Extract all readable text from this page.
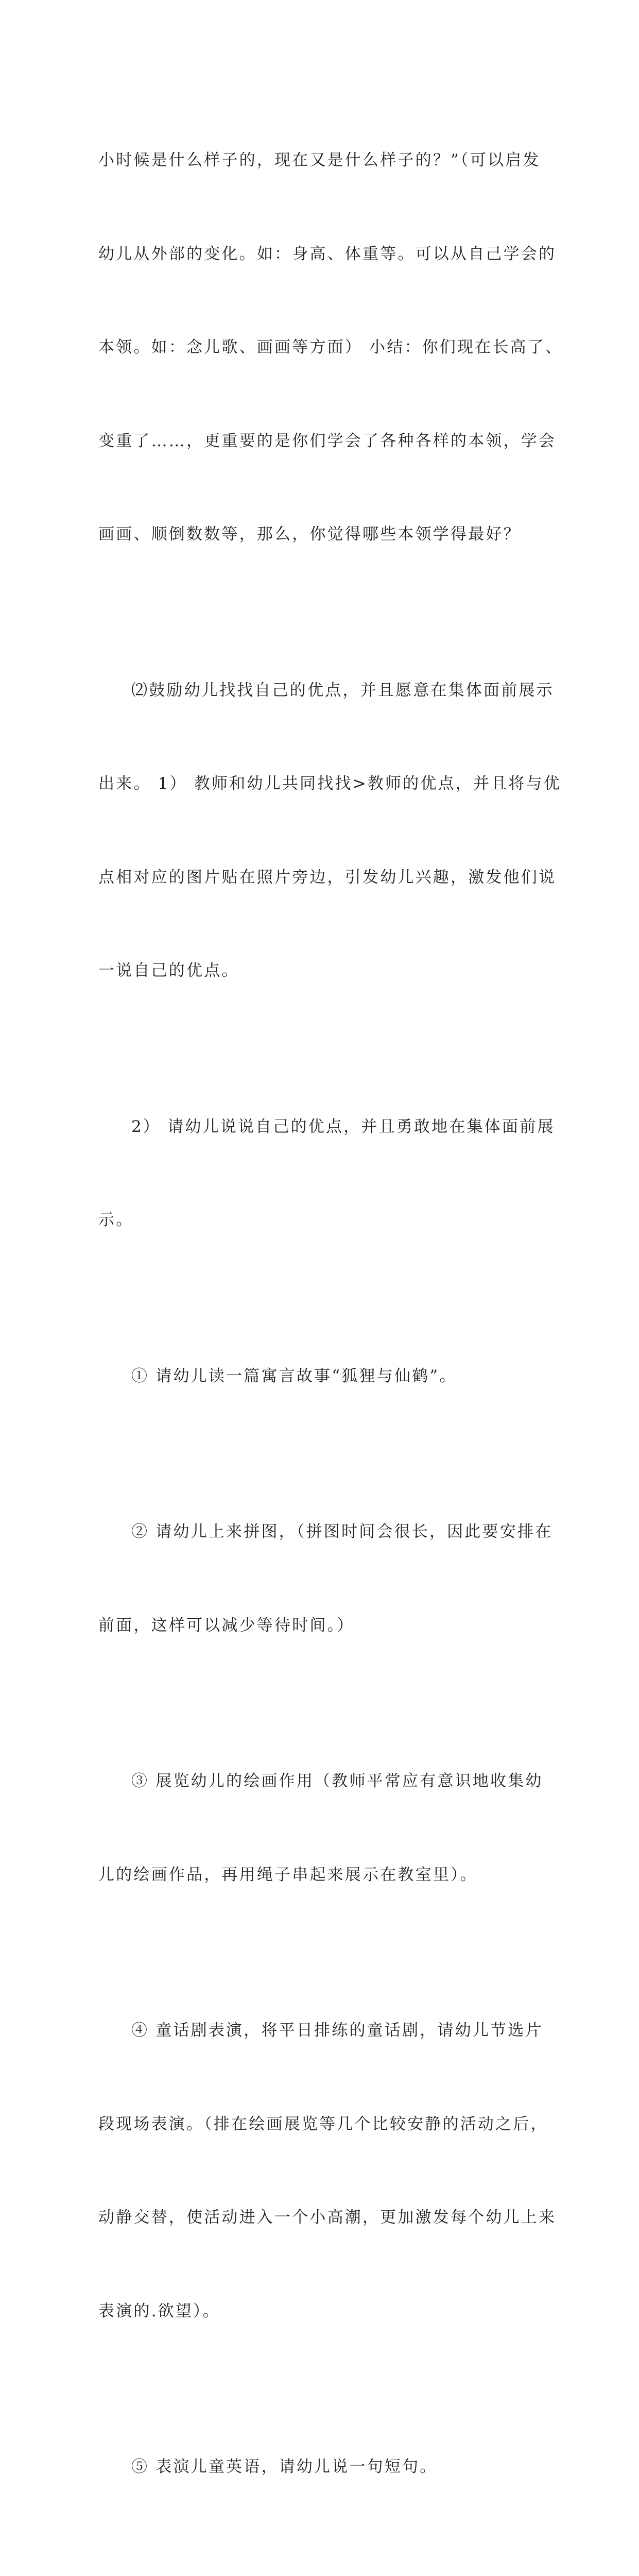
小时候是什么样子的，现在又是什么样子的？”（可以启发

幼儿从外部的变化。如：身高、体重等。可以从自己学会的

本领。如：念儿歌、画画等方面） 小结：你们现在长高了、

变重了……，更重要的是你们学会了各种各样的本领，学会

画画、顺倒数数等，那么，你觉得哪些本领学得最好？

⑵鼓励幼儿找找自己的优点，并且愿意在集体面前展示

出来。 1） 教师和幼儿共同找找>教师的优点，并且将与优

点相对应的图片贴在照片旁边，引发幼儿兴趣，激发他们说

一说自己的优点。

2） 请幼儿说说自己的优点，并且勇敢地在集体面前展

示。

① 请幼儿读一篇寓言故事“狐狸与仙鹤”。

② 请幼儿上来拼图，（拼图时间会很长，因此要安排在

前面，这样可以减少等待时间。）

③ 展览幼儿的绘画作用（教师平常应有意识地收集幼

儿的绘画作品，再用绳子串起来展示在教室里）。

④ 童话剧表演，将平日排练的童话剧，请幼儿节选片

段现场表演。（排在绘画展览等几个比较安静的活动之后，

动静交替，使活动进入一个小高潮，更加激发每个幼儿上来

表演的.欲望）。

⑤ 表演儿童英语，请幼儿说一句短句。
